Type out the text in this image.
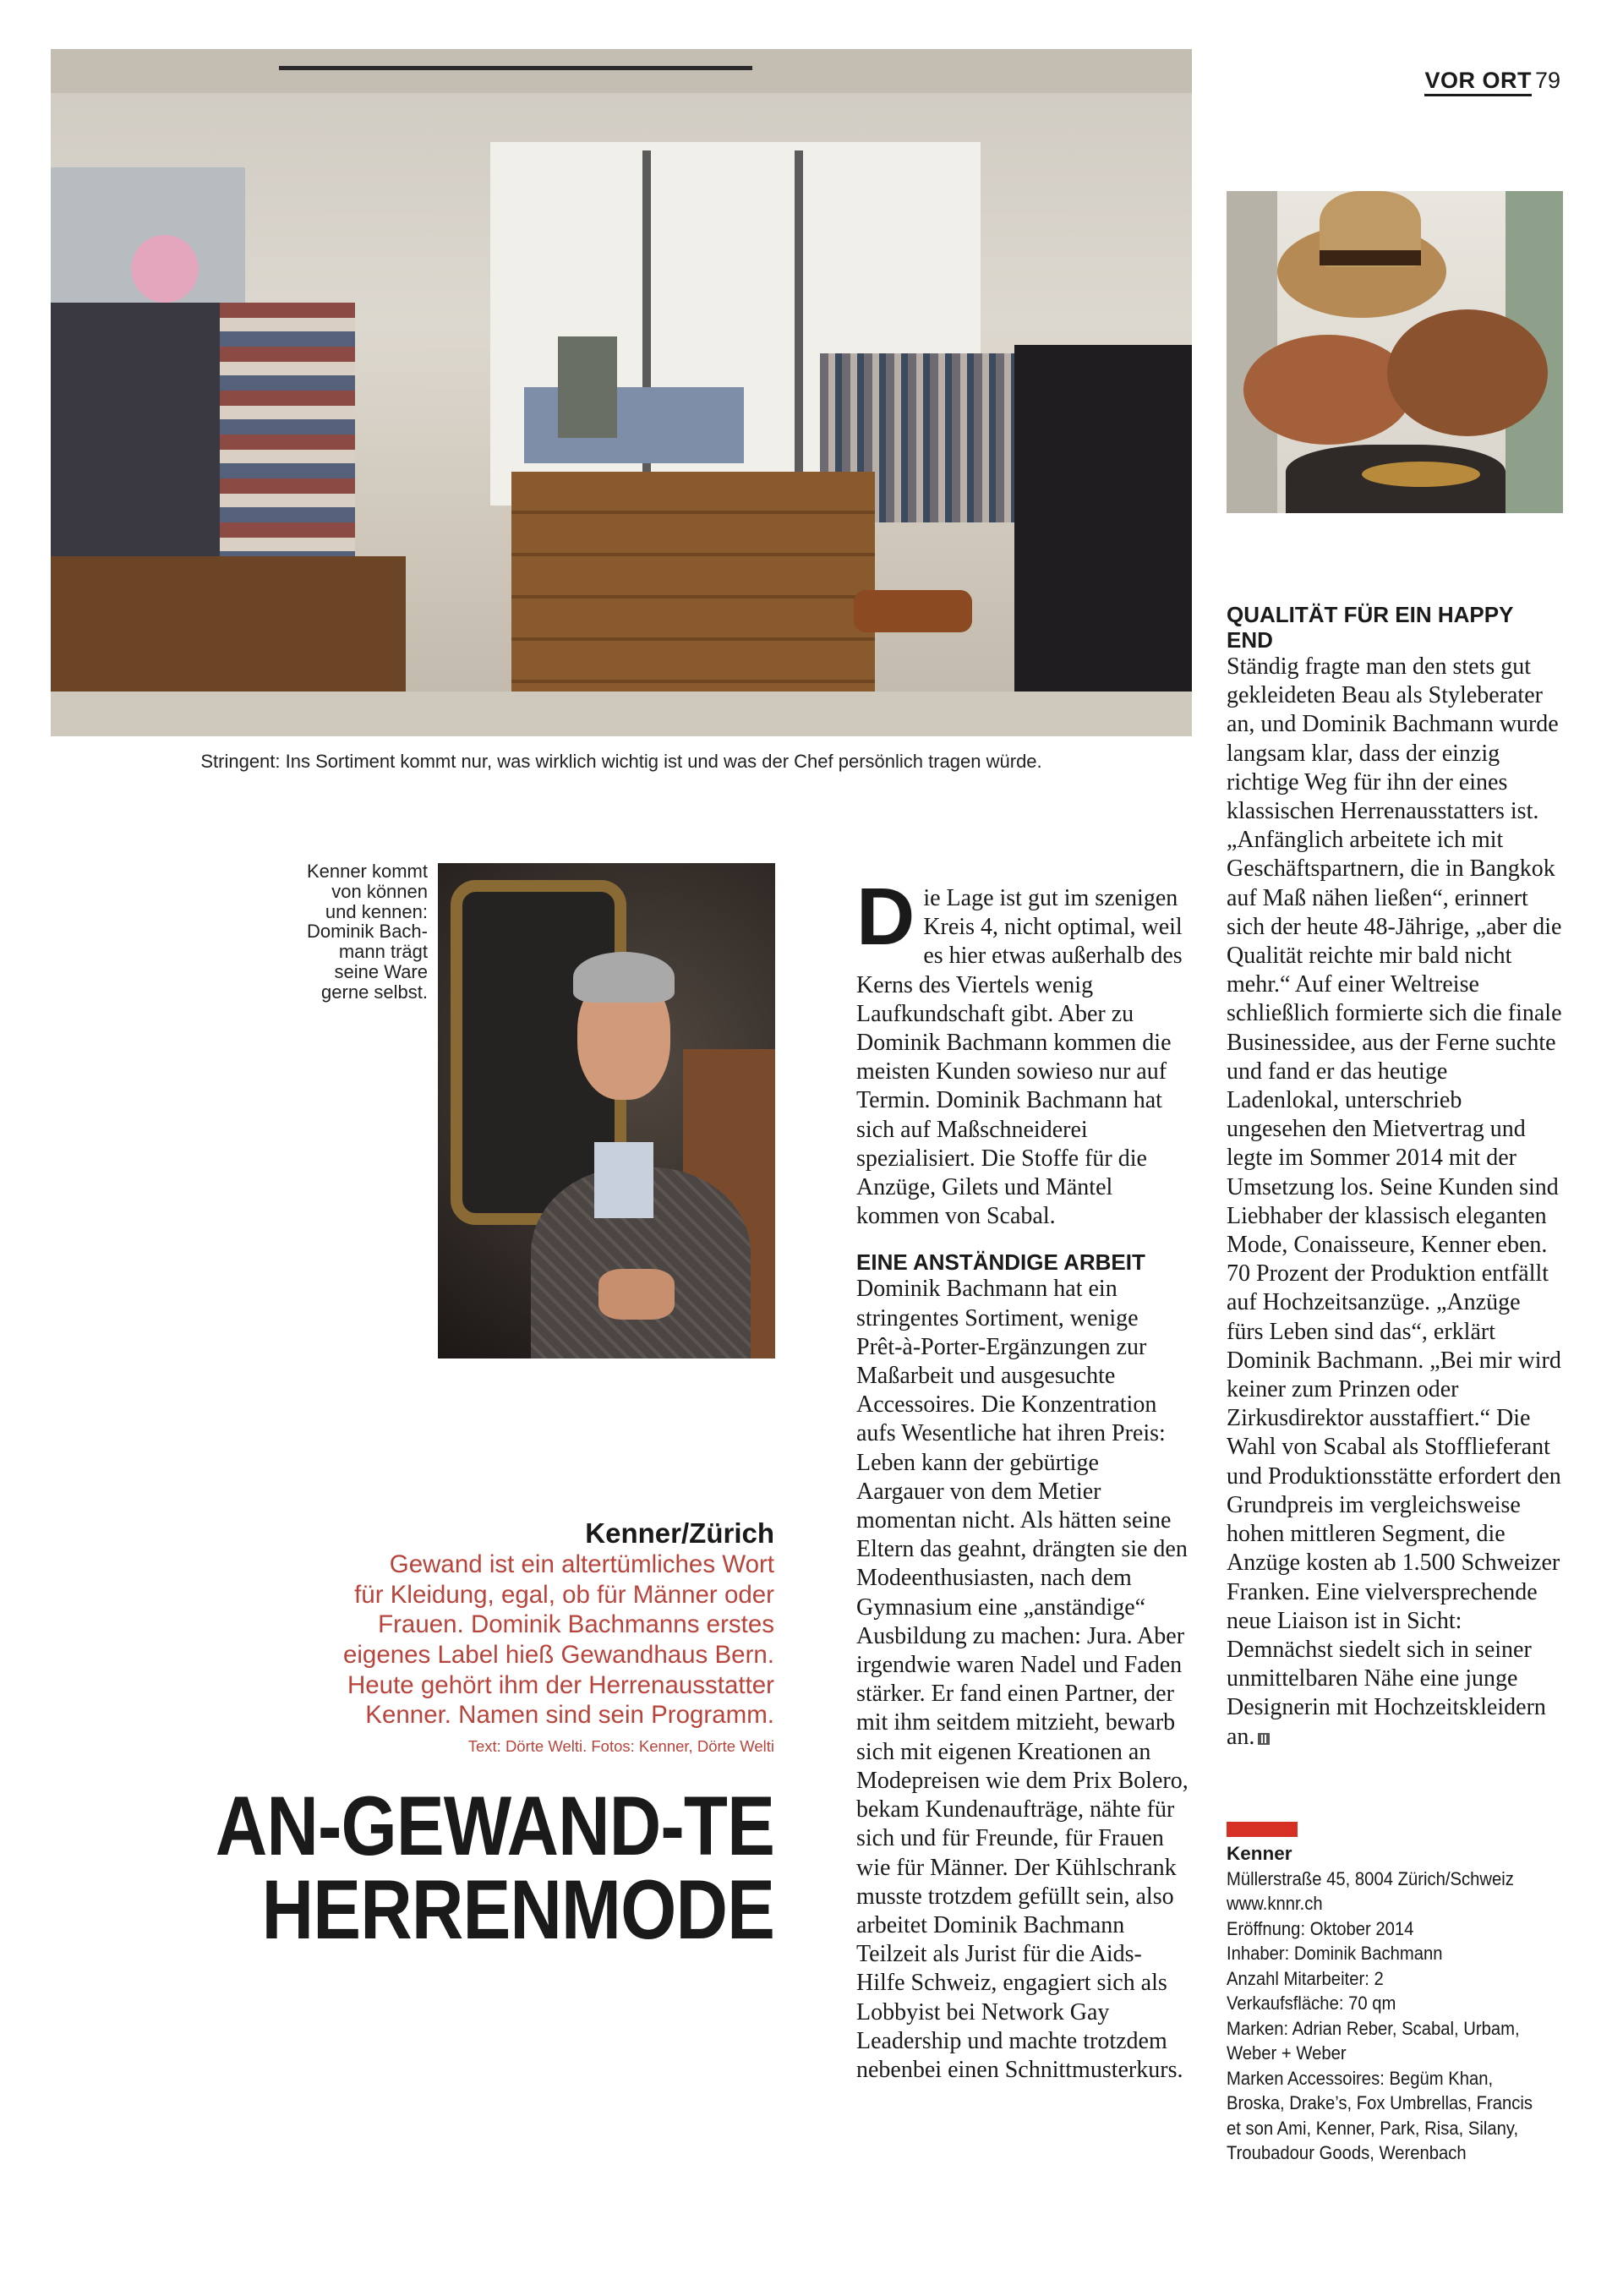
VOR ORT 79
Stringent: Ins Sortiment kommt nur, was wirklich wichtig ist und was der Chef persönlich tragen würde.
Kenner kommt
von können
und kennen:
Dominik Bach-
mann trägt
seine Ware
gerne selbst.
Kenner/Zürich
Gewand ist ein altertümliches Wort
für Kleidung, egal, ob für Männer oder
Frauen. Dominik Bachmanns erstes
eigenes Label hieß Gewandhaus Bern.
Heute gehört ihm der Herrenausstatter
Kenner. Namen sind sein Programm.
Text: Dörte Welti. Fotos: Kenner, Dörte Welti
AN-GEWAND-TE
HERRENMODE

Die Lage ist gut im szenigen Kreis 4, nicht optimal, weil es hier etwas außerhalb des Kerns des Viertels wenig Laufkundschaft gibt. Aber zu Dominik Bachmann kommen die meisten Kunden sowieso nur auf Termin. Dominik Bachmann hat sich auf Maßschneiderei spezialisiert. Die Stoffe für die Anzüge, Gilets und Mäntel kommen von Scabal.

EINE ANSTÄNDIGE ARBEIT

Dominik Bachmann hat ein stringentes Sortiment, wenige Prêt-à-Porter-Ergänzungen zur Maßarbeit und ausgesuchte Accessoires. Die Konzentration aufs Wesentliche hat ihren Preis: Leben kann der gebürtige Aargauer von dem Metier momentan nicht. Als hätten seine Eltern das geahnt, drängten sie den Modeenthusiasten, nach dem Gymnasium eine „anständige“ Ausbildung zu machen: Jura. Aber irgendwie waren Nadel und Faden stärker. Er fand einen Partner, der mit ihm seitdem mitzieht, bewarb sich mit eigenen Kreationen an Modepreisen wie dem Prix Bolero, bekam Kundenaufträge, nähte für sich und für Freunde, für Frauen wie für Männer. Der Kühlschrank musste trotzdem gefüllt sein, also arbeitet Dominik Bachmann Teilzeit als Jurist für die Aids-Hilfe Schweiz, engagiert sich als Lobbyist bei Network Gay Leadership und machte trotzdem nebenbei einen Schnittmusterkurs.

QUALITÄT FÜR EIN HAPPY END

Ständig fragte man den stets gut gekleideten Beau als Styleberater an, und Dominik Bachmann wurde langsam klar, dass der einzig richtige Weg für ihn der eines klassischen Herrenausstatters ist. „Anfänglich arbeitete ich mit Geschäftspartnern, die in Bangkok auf Maß nähen ließen“, erinnert sich der heute 48-Jährige, „aber die Qualität reichte mir bald nicht mehr.“ Auf einer Weltreise schließlich formierte sich die finale Businessidee, aus der Ferne suchte und fand er das heutige Ladenlokal, unterschrieb ungesehen den Mietvertrag und legte im Sommer 2014 mit der Umsetzung los. Seine Kunden sind Liebhaber der klassisch eleganten Mode, Conaisseure, Kenner eben. 70 Prozent der Produktion entfällt auf Hochzeitsanzüge. „Anzüge fürs Leben sind das“, erklärt Dominik Bachmann. „Bei mir wird keiner zum Prinzen oder Zirkusdirektor ausstaffiert.“ Die Wahl von Scabal als Stofflieferant und Produktionsstätte erfordert den Grundpreis im vergleichsweise hohen mittleren Segment, die Anzüge kosten ab 1.500 Schweizer Franken. Eine vielversprechende neue Liaison ist in Sicht: Demnächst siedelt sich in seiner unmittelbaren Nähe eine junge Designerin mit Hochzeitskleidern an.

Kenner
Müllerstraße 45, 8004 Zürich/Schweiz
www.knnr.ch
Eröffnung: Oktober 2014
Inhaber: Dominik Bachmann
Anzahl Mitarbeiter: 2
Verkaufsfläche: 70 qm
Marken: Adrian Reber, Scabal, Urbam,
Weber + Weber
Marken Accessoires: Begüm Khan,
Broska, Drake’s, Fox Umbrellas, Francis
et son Ami, Kenner, Park, Risa, Silany,
Troubadour Goods, Werenbach
